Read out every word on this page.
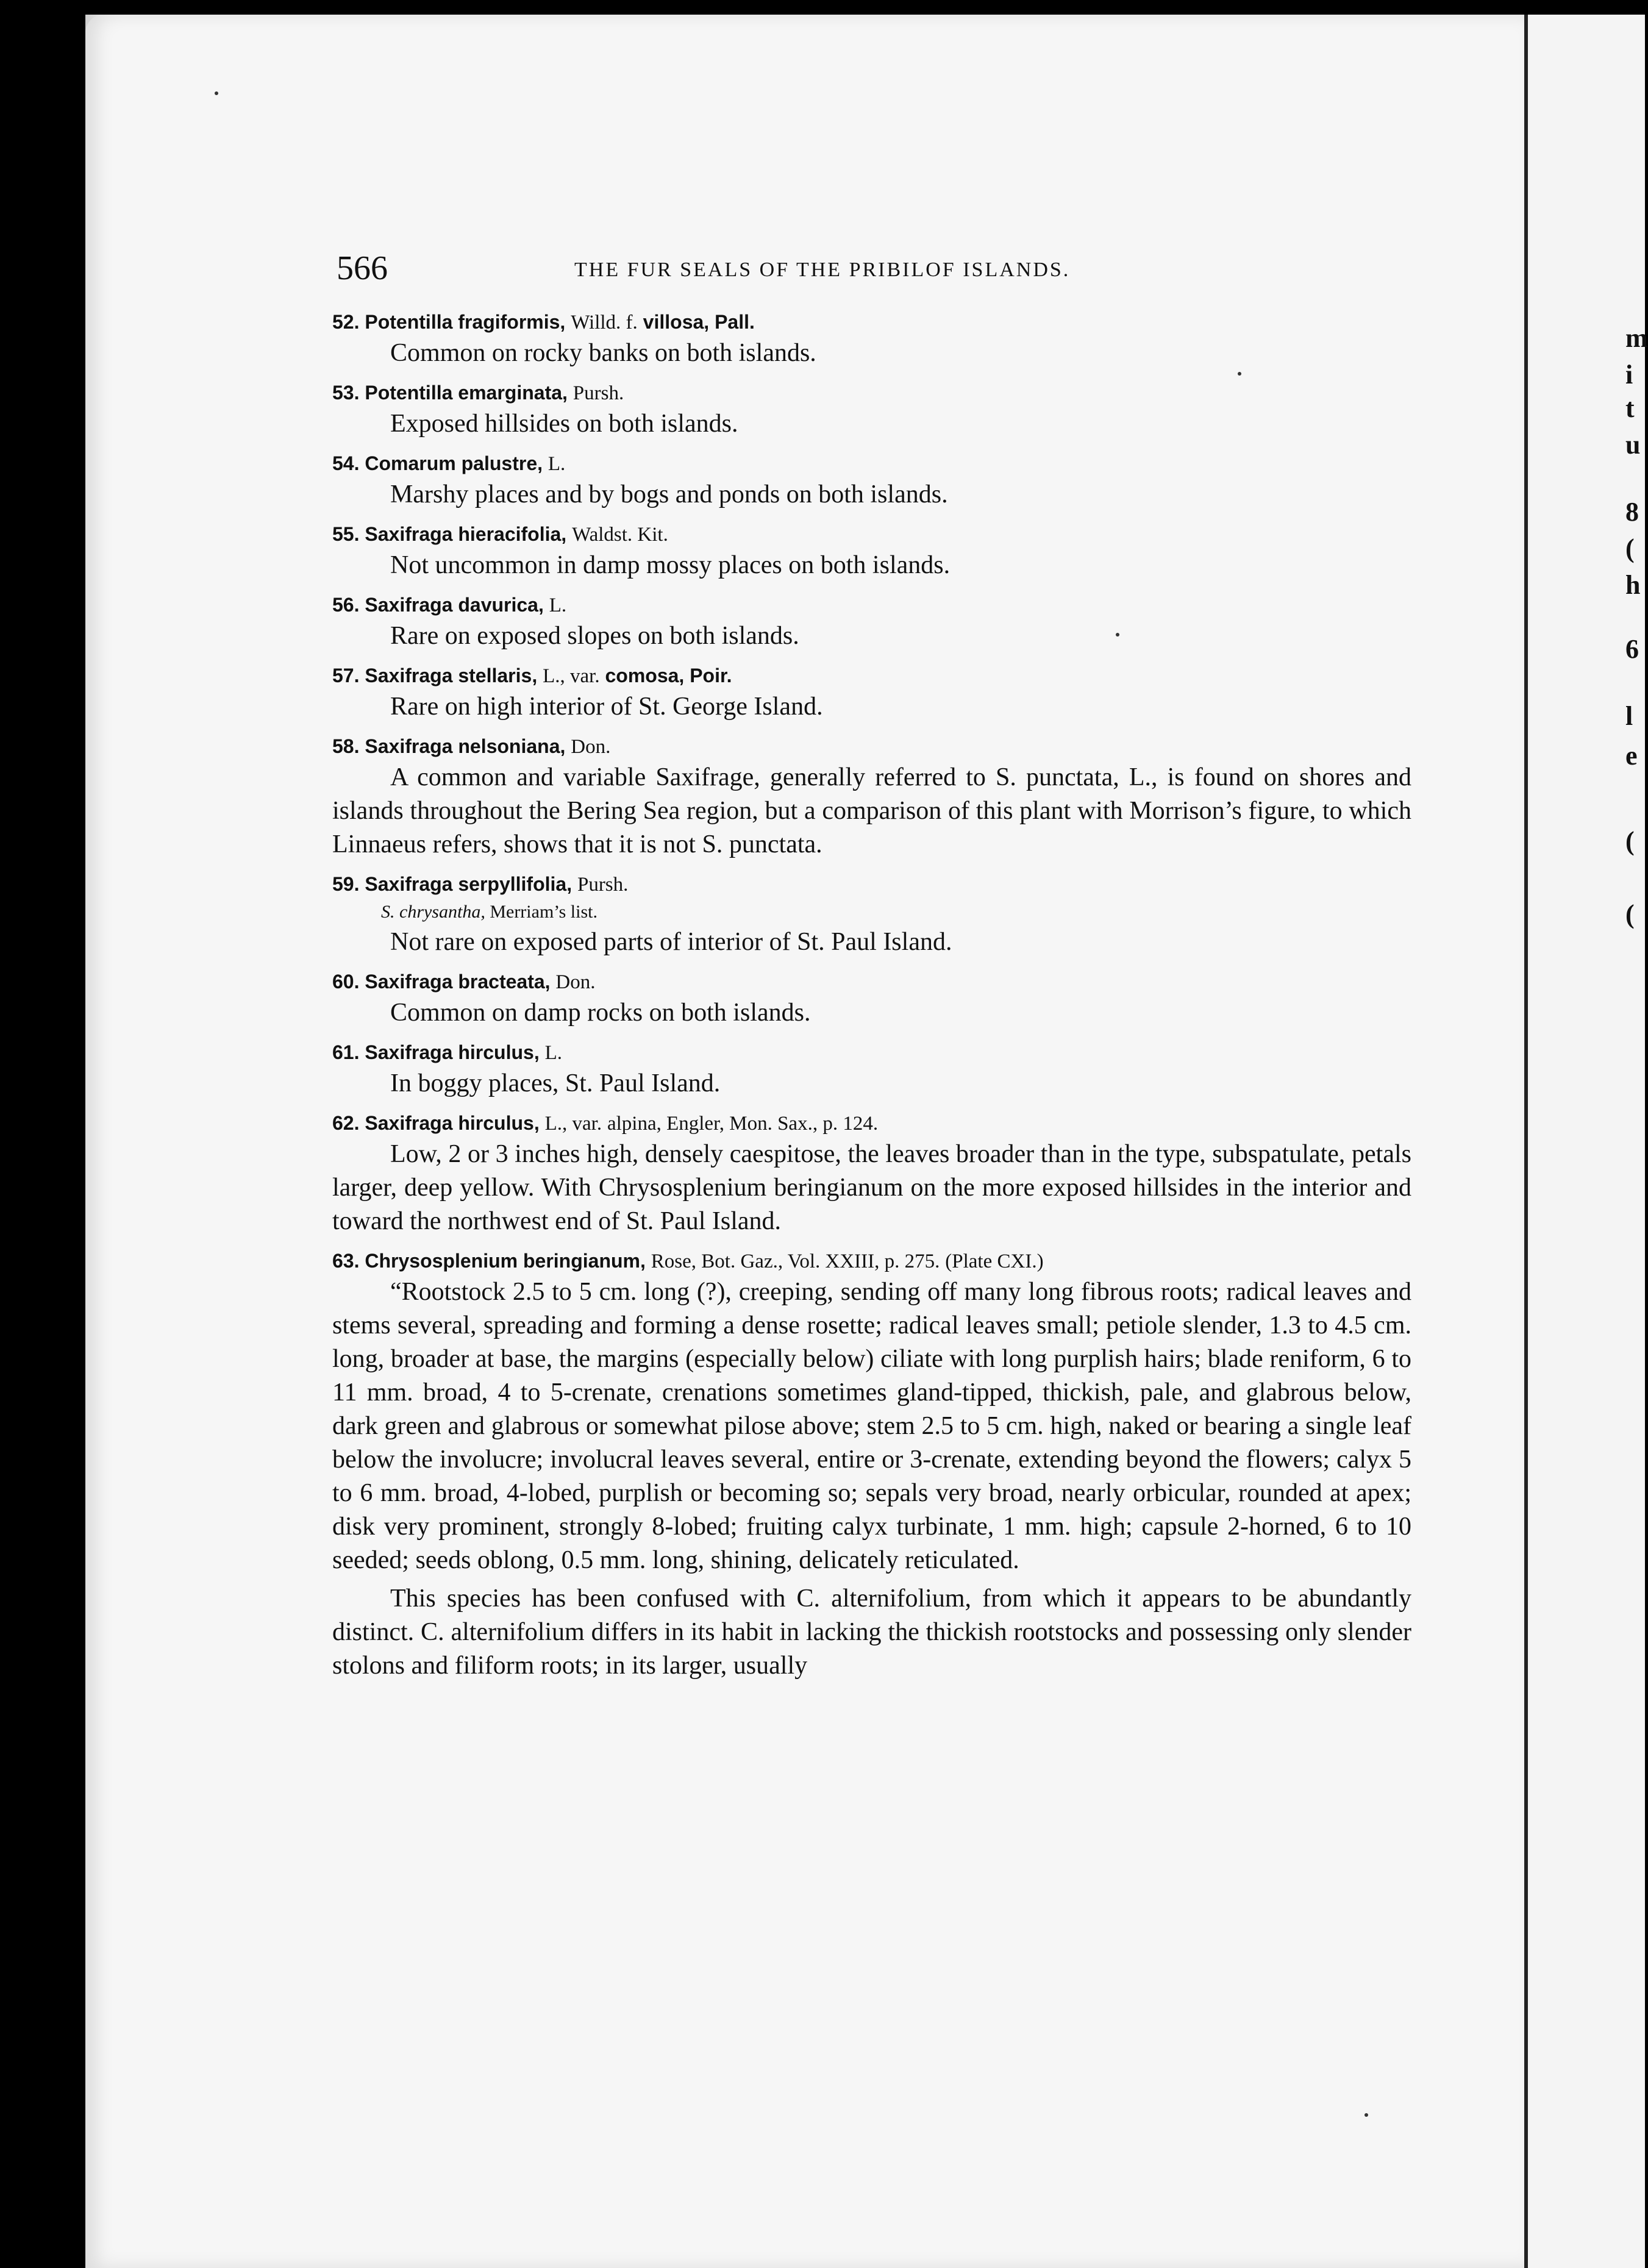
m
i
t
u
8
(
h
6
l
e
(
(
566	THE FUR SEALS OF THE PRIBILOF ISLANDS.
52. Potentilla fragiformis, Willd. f. villosa, Pall.
Common on rocky banks on both islands.
53. Potentilla emarginata, Pursh.
Exposed hillsides on both islands.
54. Comarum palustre, L.
Marshy places and by bogs and ponds on both islands.
55. Saxifraga hieracifolia, Waldst. Kit.
Not uncommon in damp mossy places on both islands.
56. Saxifraga davurica, L.
Rare on exposed slopes on both islands.
57. Saxifraga stellaris, L., var. comosa, Poir.
Rare on high interior of St. George Island.
58. Saxifraga nelsoniana, Don.
A common and variable Saxifrage, generally referred to S. punctata, L., is found on shores and islands throughout the Bering Sea region, but a comparison of this plant with Morrison’s figure, to which Linnaeus refers, shows that it is not S. punctata.
59. Saxifraga serpyllifolia, Pursh.
S. chrysantha, Merriam’s list.
Not rare on exposed parts of interior of St. Paul Island.
60. Saxifraga bracteata, Don.
Common on damp rocks on both islands.
61. Saxifraga hirculus, L.
In boggy places, St. Paul Island.
62. Saxifraga hirculus, L., var. alpina, Engler, Mon. Sax., p. 124.
Low, 2 or 3 inches high, densely caespitose, the leaves broader than in the type, subspatulate, petals larger, deep yellow. With Chrysosplenium beringianum on the more exposed hillsides in the interior and toward the northwest end of St. Paul Island.
63. Chrysosplenium beringianum, Rose, Bot. Gaz., Vol. XXIII, p. 275. (Plate CXI.)
“Rootstock 2.5 to 5 cm. long (?), creeping, sending off many long fibrous roots; radical leaves and stems several, spreading and forming a dense rosette; radical leaves small; petiole slender, 1.3 to 4.5 cm. long, broader at base, the margins (especially below) ciliate with long purplish hairs; blade reniform, 6 to 11 mm. broad, 4 to 5-crenate, crenations sometimes gland-tipped, thickish, pale, and glabrous below, dark green and glabrous or somewhat pilose above; stem 2.5 to 5 cm. high, naked or bearing a single leaf below the involucre; involucral leaves several, entire or 3-crenate, extending beyond the flowers; calyx 5 to 6 mm. broad, 4-lobed, purplish or becoming so; sepals very broad, nearly orbicular, rounded at apex; disk very prominent, strongly 8-lobed; fruiting calyx turbinate, 1 mm. high; capsule 2-horned, 6 to 10 seeded; seeds oblong, 0.5 mm. long, shining, delicately reticulated.
This species has been confused with C. alternifolium, from which it appears to be abundantly distinct. C. alternifolium differs in its habit in lacking the thickish rootstocks and possessing only slender stolons and filiform roots; in its larger, usually
